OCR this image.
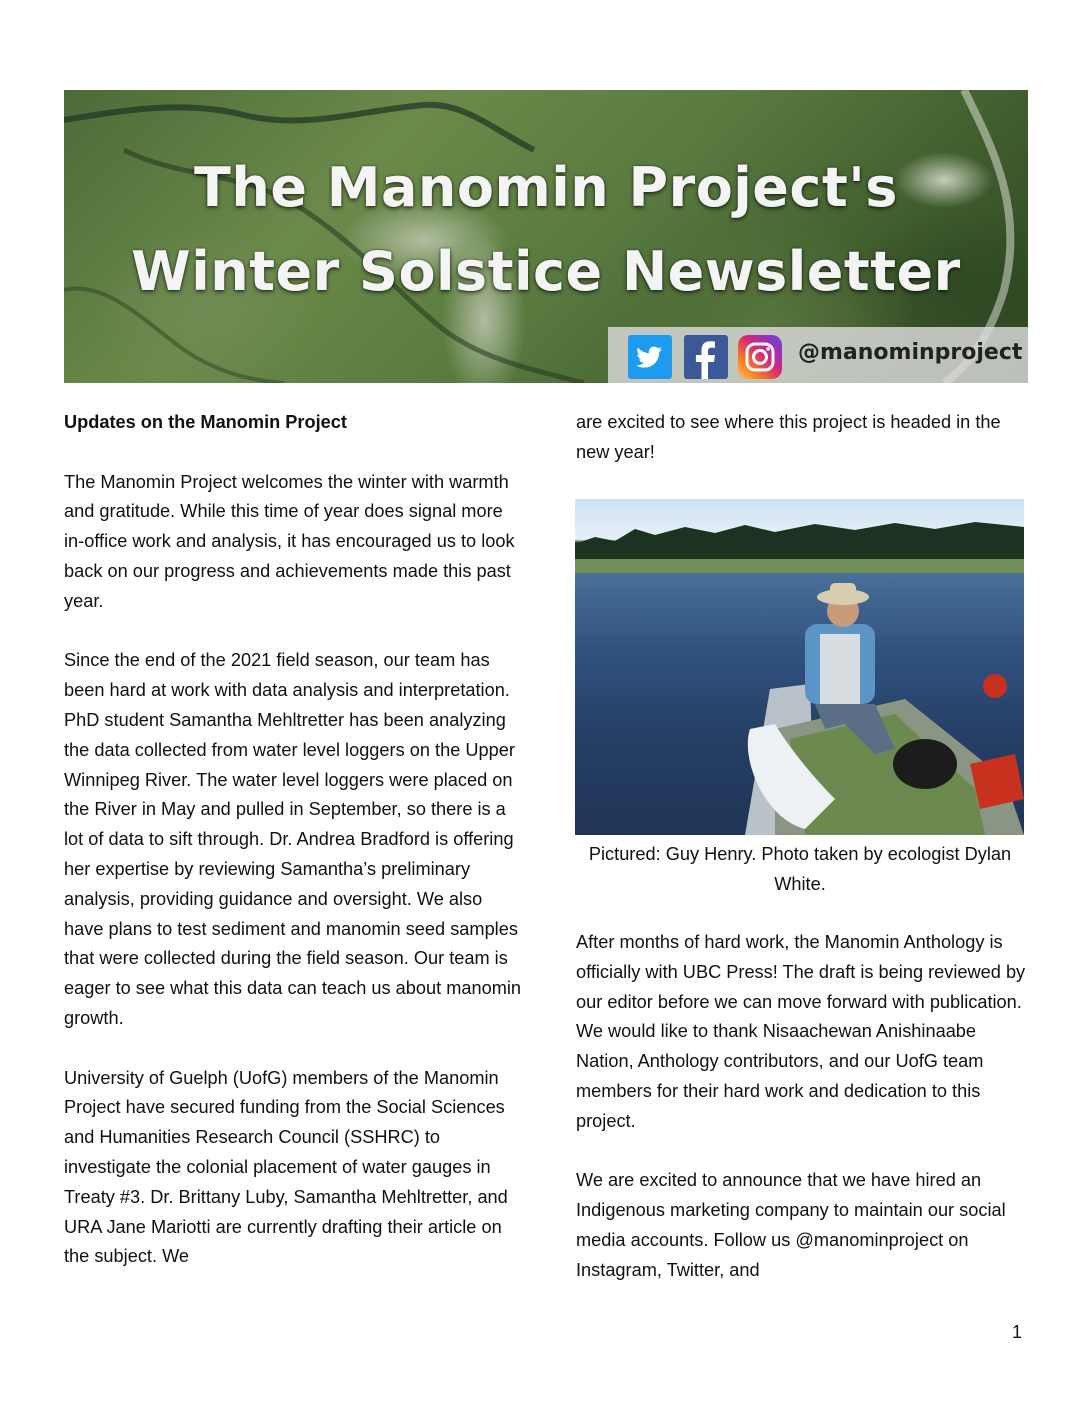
The Manomin Project's
Winter Solstice Newsletter
@manominproject

Updates on the Manomin Project

The Manomin Project welcomes the winter with warmth and gratitude. While this time of year does signal more in-office work and analysis, it has encouraged us to look back on our progress and achievements made this past year.

Since the end of the 2021 field season, our team has been hard at work with data analysis and interpretation. PhD student Samantha Mehltretter has been analyzing the data collected from water level loggers on the Upper Winnipeg River. The water level loggers were placed on the River in May and pulled in September, so there is a lot of data to sift through. Dr. Andrea Bradford is offering her expertise by reviewing Samantha’s preliminary analysis, providing guidance and oversight. We also have plans to test sediment and manomin seed samples that were collected during the field season. Our team is eager to see what this data can teach us about manomin growth.

University of Guelph (UofG) members of the Manomin Project have secured funding from the Social Sciences and Humanities Research Council (SSHRC) to investigate the colonial placement of water gauges in Treaty #3. Dr. Brittany Luby, Samantha Mehltretter, and URA Jane Mariotti are currently drafting their article on the subject. We

are excited to see where this project is headed in the new year!

Pictured: Guy Henry. Photo taken by ecologist Dylan White.

After months of hard work, the Manomin Anthology is officially with UBC Press! The draft is being reviewed by our editor before we can move forward with publication. We would like to thank Nisaachewan Anishinaabe Nation, Anthology contributors, and our UofG team members for their hard work and dedication to this project.

We are excited to announce that we have hired an Indigenous marketing company to maintain our social media accounts. Follow us @manominproject on Instagram, Twitter, and

1
